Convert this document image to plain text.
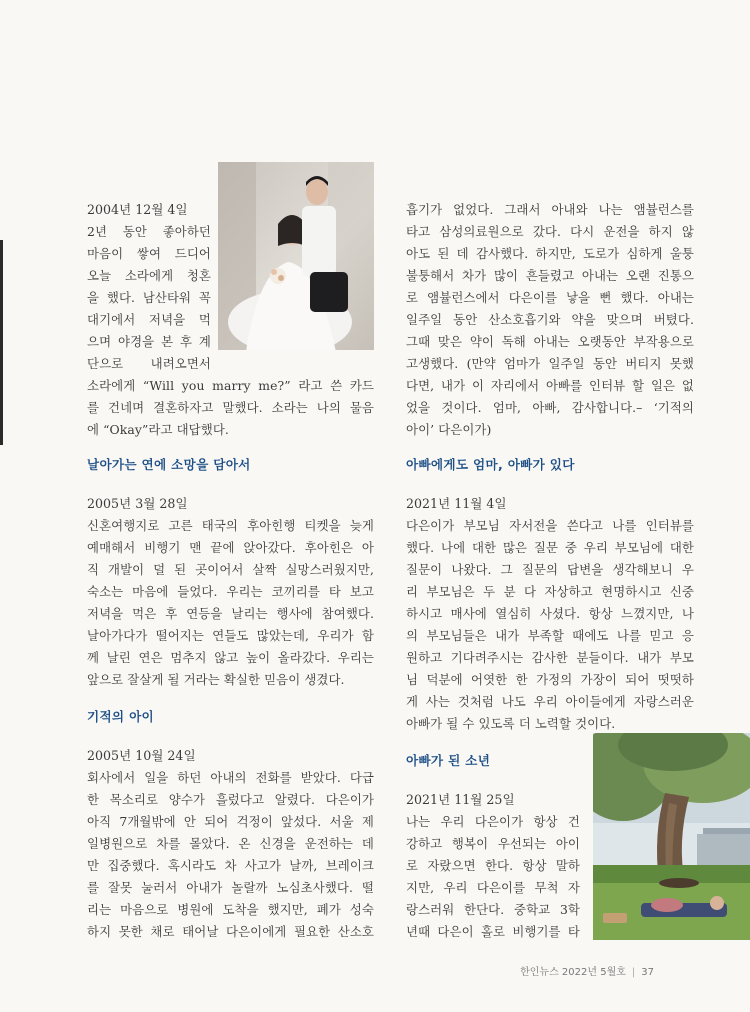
2004년 12월 4일

2년 동안 좋아하던

마음이 쌓여 드디어

오늘 소라에게 청혼

을 했다. 남산타워 꼭

대기에서 저녁을 먹

으며 야경을 본 후 계

단으로 내려오면서

소라에게 “Will you marry me?” 라고 쓴 카드

를 건네며 결혼하자고 말했다. 소라는 나의 물음

에 “Okay”라고 대답했다.

날아가는 연에 소망을 담아서

2005년 3월 28일

신혼여행지로 고른 태국의 후아힌행 티켓을 늦게

예매해서 비행기 맨 끝에 앉아갔다. 후아힌은 아

직 개발이 덜 된 곳이어서 살짝 실망스러웠지만,

숙소는 마음에 들었다. 우리는 코끼리를 타 보고

저녁을 먹은 후 연등을 날리는 행사에 참여했다.

날아가다가 떨어지는 연들도 많았는데, 우리가 함

께 날린 연은 멈추지 않고 높이 올라갔다. 우리는

앞으로 잘살게 될 거라는 확실한 믿음이 생겼다.

기적의 아이

2005년 10월 24일

회사에서 일을 하던 아내의 전화를 받았다. 다급

한 목소리로 양수가 흘렀다고 알렸다. 다은이가

아직 7개월밖에 안 되어 걱정이 앞섰다. 서울 제

일병원으로 차를 몰았다. 온 신경을 운전하는 데

만 집중했다. 혹시라도 차 사고가 날까, 브레이크

를 잘못 눌러서 아내가 놀랄까 노심초사했다. 떨

리는 마음으로 병원에 도착을 했지만, 폐가 성숙

하지 못한 채로 태어날 다은이에게 필요한 산소호

흡기가 없었다. 그래서 아내와 나는 앰뷸런스를

타고 삼성의료원으로 갔다. 다시 운전을 하지 않

아도 된 데 감사했다. 하지만, 도로가 심하게 울퉁

불퉁해서 차가 많이 흔들렸고 아내는 오랜 진통으

로 앰뷸런스에서 다은이를 낳을 뻔 했다. 아내는

일주일 동안 산소호흡기와 약을 맞으며 버텼다.

그때 맞은 약이 독해 아내는 오랫동안 부작용으로

고생했다. (만약 엄마가 일주일 동안 버티지 못했

다면, 내가 이 자리에서 아빠를 인터뷰 할 일은 없

었을 것이다. 엄마, 아빠, 감사합니다.– ‘기적의

아이’ 다은이가)

아빠에게도 엄마, 아빠가 있다

2021년 11월 4일

다은이가 부모님 자서전을 쓴다고 나를 인터뷰를

했다. 나에 대한 많은 질문 중 우리 부모님에 대한

질문이 나왔다. 그 질문의 답변을 생각해보니 우

리 부모님은 두 분 다 자상하고 현명하시고 신중

하시고 매사에 열심히 사셨다. 항상 느꼈지만, 나

의 부모님들은 내가 부족할 때에도 나를 믿고 응

원하고 기다려주시는 감사한 분들이다. 내가 부모

님 덕분에 어엿한 한 가정의 가장이 되어 떳떳하

게 사는 것처럼 나도 우리 아이들에게 자랑스러운

아빠가 될 수 있도록 더 노력할 것이다.

아빠가 된 소년

2021년 11월 25일

나는 우리 다은이가 항상 건

강하고 행복이 우선되는 아이

로 자랐으면 한다. 항상 말하

지만, 우리 다은이를 무척 자

랑스러워 한단다. 중학교 3학

년때 다은이 홀로 비행기를 타

한인뉴스 2022년 5월호 | 37
